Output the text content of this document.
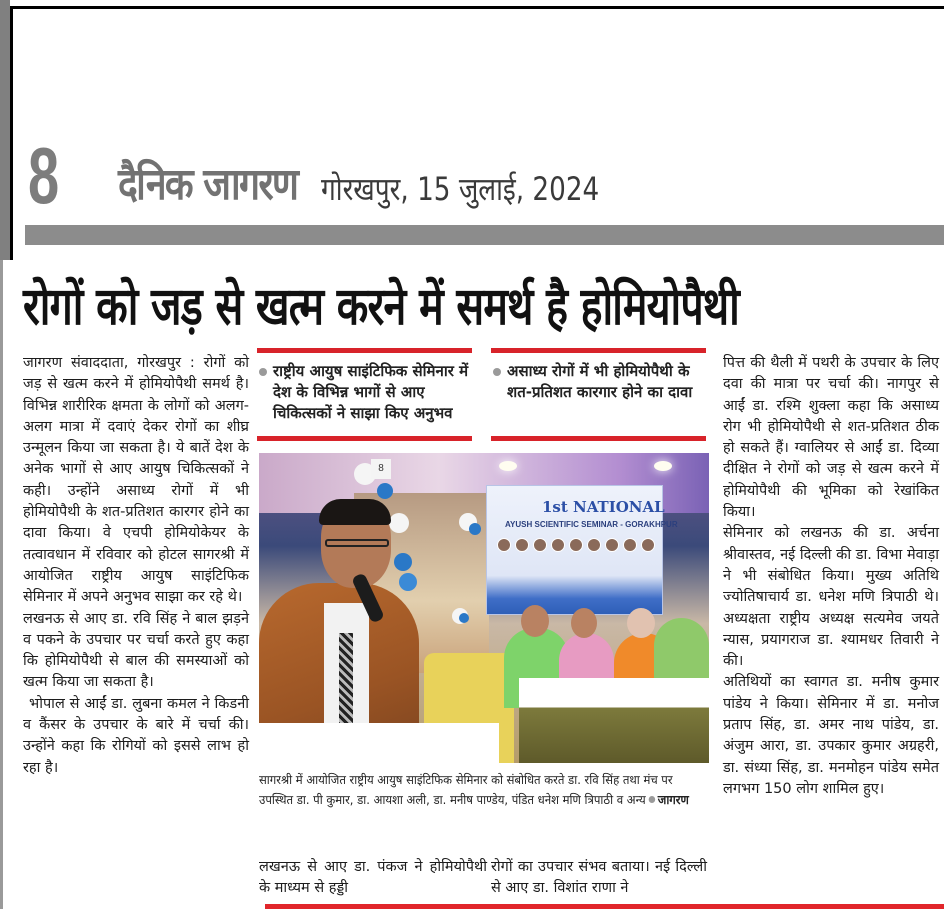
8 दैनिक जागरण गोरखपुर, 15 जुलाई, 2024
रोगों को जड़ से खत्म करने में समर्थ है होमियोपैथी

जागरण संवाददाता, गोरखपुर : रोगों को जड़ से खत्म करने में होमियोपैथी समर्थ है। विभिन्न शारीरिक क्षमता के लोगों को अलग-अलग मात्रा में दवाएं देकर रोगों का शीघ्र उन्मूलन किया जा सकता है। ये बातें देश के अनेक भागों से आए आयुष चिकित्सकों ने कही। उन्होंने असाध्य रोगों में भी होमियोपैथी के शत-प्रतिशत कारगर होने का दावा किया। वे एचपी होमियोकेयर के तत्वावधान में रविवार को होटल सागरश्री में आयोजित राष्ट्रीय आयुष साइंटिफिक सेमिनार में अपने अनुभव साझा कर रहे थे।

लखनऊ से आए डा. रवि सिंह ने बाल झड़ने व पकने के उपचार पर चर्चा करते हुए कहा कि होमियोपैथी से बाल की समस्याओं को खत्म किया जा सकता है।

भोपाल से आईं डा. लुबना कमल ने किडनी व कैंसर के उपचार के बारे में चर्चा की। उन्होंने कहा कि रोगियों को इससे लाभ हो रहा है।

राष्ट्रीय आयुष साइंटिफिक सेमिनार में देश के विभिन्न भागों से आए चिकित्सकों ने साझा किए अनुभव
असाध्य रोगों में भी होमियोपैथी के शत-प्रतिशत कारगार होने का दावा
1st NATIONAL
AYUSH SCIENTIFIC SEMINAR - GORAKHPUR
8
सागरश्री में आयोजित राष्ट्रीय आयुष साइंटिफिक सेमिनार को संबोधित करते डा. रवि सिंह तथा मंच पर उपस्थित डा. पी कुमार, डा. आयशा अली, डा. मनीष पाण्डेय, पंडित धनेश मणि त्रिपाठी व अन्य जागरण

लखनऊ से आए डा. पंकज ने होमियोपैथी के माध्यम से हड्डी

रोगों का उपचार संभव बताया। नई दिल्ली से आए डा. विशांत राणा ने

पित्त की थैली में पथरी के उपचार के लिए दवा की मात्रा पर चर्चा की। नागपुर से आईं डा. रश्मि शुक्ला कहा कि असाध्य रोग भी होमियोपैथी से शत-प्रतिशत ठीक हो सकते हैं। ग्वालियर से आईं डा. दिव्या दीक्षित ने रोगों को जड़ से खत्म करने में होमियोपैथी की भूमिका को रेखांकित किया।

सेमिनार को लखनऊ की डा. अर्चना श्रीवास्तव, नई दिल्ली की डा. विभा मेवाड़ा ने भी संबोधित किया। मुख्य अतिथि ज्योतिषाचार्य डा. धनेश मणि त्रिपाठी थे। अध्यक्षता राष्ट्रीय अध्यक्ष सत्यमेव जयते न्यास, प्रयागराज डा. श्यामधर तिवारी ने की।

अतिथियों का स्वागत डा. मनीष कुमार पांडेय ने किया। सेमिनार में डा. मनोज प्रताप सिंह, डा. अमर नाथ पांडेय, डा. अंजुम आरा, डा. उपकार कुमार अग्रहरी, डा. संध्या सिंह, डा. मनमोहन पांडेय समेत लगभग 150 लोग शामिल हुए।
